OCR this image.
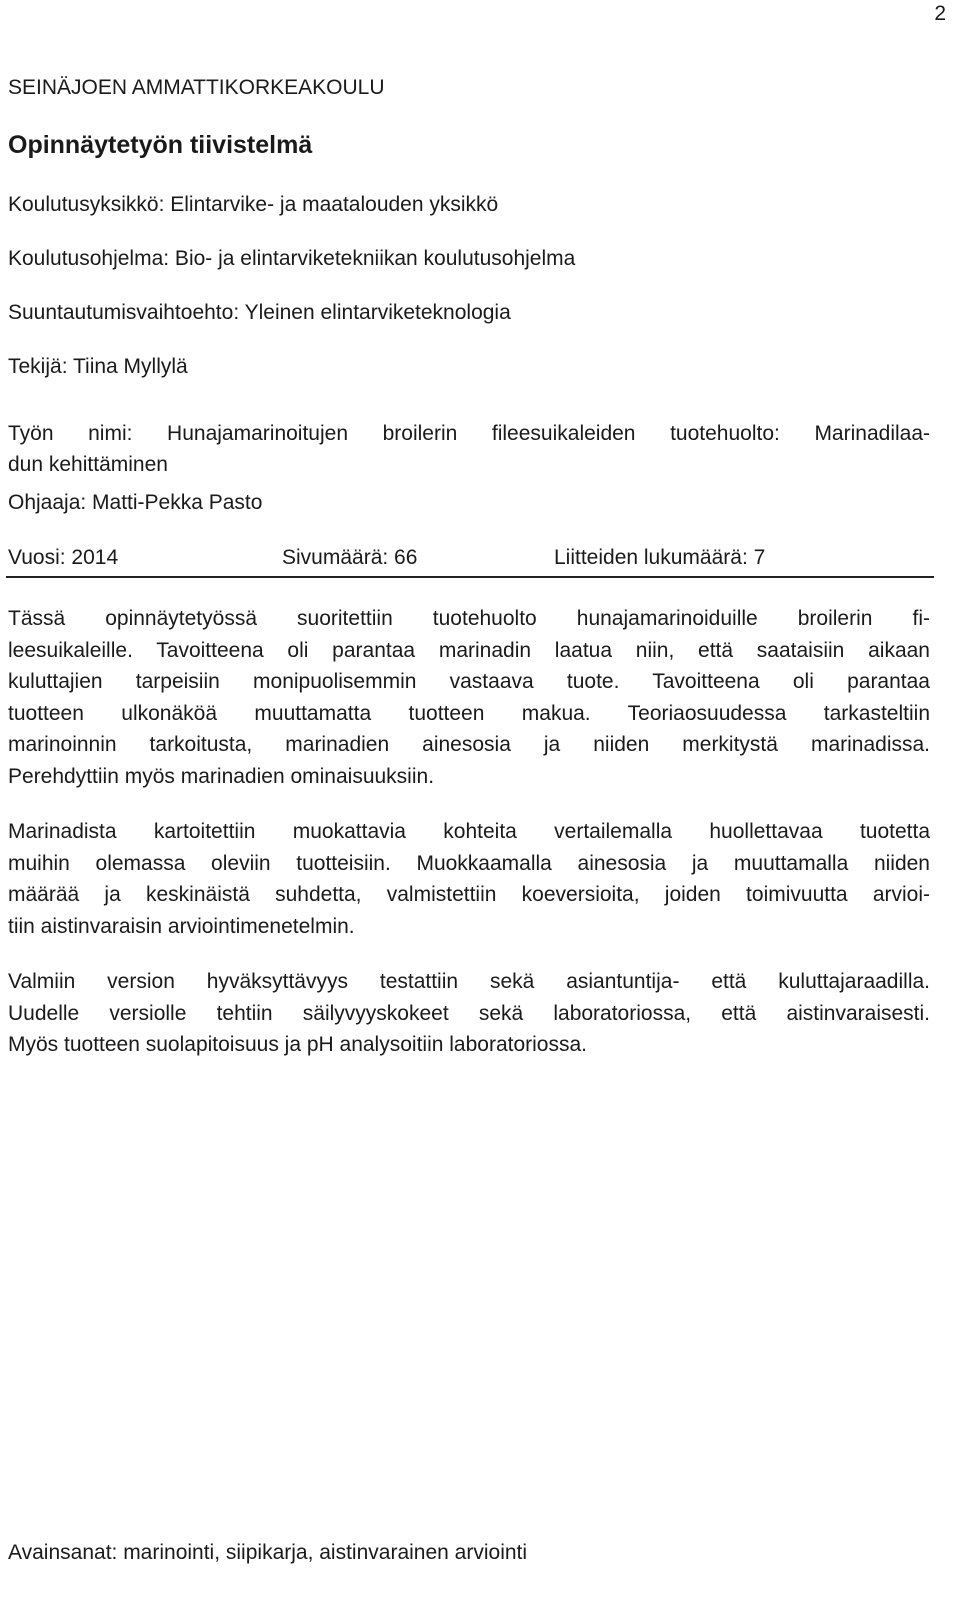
2
SEINÄJOEN AMMATTIKORKEAKOULU
Opinnäytetyön tiivistelmä
Koulutusyksikkö: Elintarvike- ja maatalouden yksikkö
Koulutusohjelma: Bio- ja elintarviketekniikan koulutusohjelma
Suuntautumisvaihtoehto: Yleinen elintarviketeknologia
Tekijä: Tiina Myllylä
Työn nimi: Hunajamarinoitujen broilerin fileesuikaleiden tuotehuolto: Marinadilaa-
dun kehittäminen
Ohjaaja: Matti-Pekka Pasto
Vuosi: 2014	Sivumäärä: 66	Liitteiden lukumäärä: 7
Tässä opinnäytetyössä suoritettiin tuotehuolto hunajamarinoiduille broilerin fi-
leesuikaleille. Tavoitteena oli parantaa marinadin laatua niin, että saataisiin aikaan
kuluttajien tarpeisiin monipuolisemmin vastaava tuote. Tavoitteena oli parantaa
tuotteen ulkonäköä muuttamatta tuotteen makua. Teoriaosuudessa tarkasteltiin
marinoinnin tarkoitusta, marinadien ainesosia ja niiden merkitystä marinadissa.
Perehdyttiin myös marinadien ominaisuuksiin.
Marinadista kartoitettiin muokattavia kohteita vertailemalla huollettavaa tuotetta
muihin olemassa oleviin tuotteisiin. Muokkaamalla ainesosia ja muuttamalla niiden
määrää ja keskinäistä suhdetta, valmistettiin koeversioita, joiden toimivuutta arvioi-
tiin aistinvaraisin arviointimenetelmin.
Valmiin version hyväksyttävyys testattiin sekä asiantuntija- että kuluttajaraadilla.
Uudelle versiolle tehtiin säilyvyyskokeet sekä laboratoriossa, että aistinvaraisesti.
Myös tuotteen suolapitoisuus ja pH analysoitiin laboratoriossa.
Avainsanat: marinointi, siipikarja, aistinvarainen arviointi
